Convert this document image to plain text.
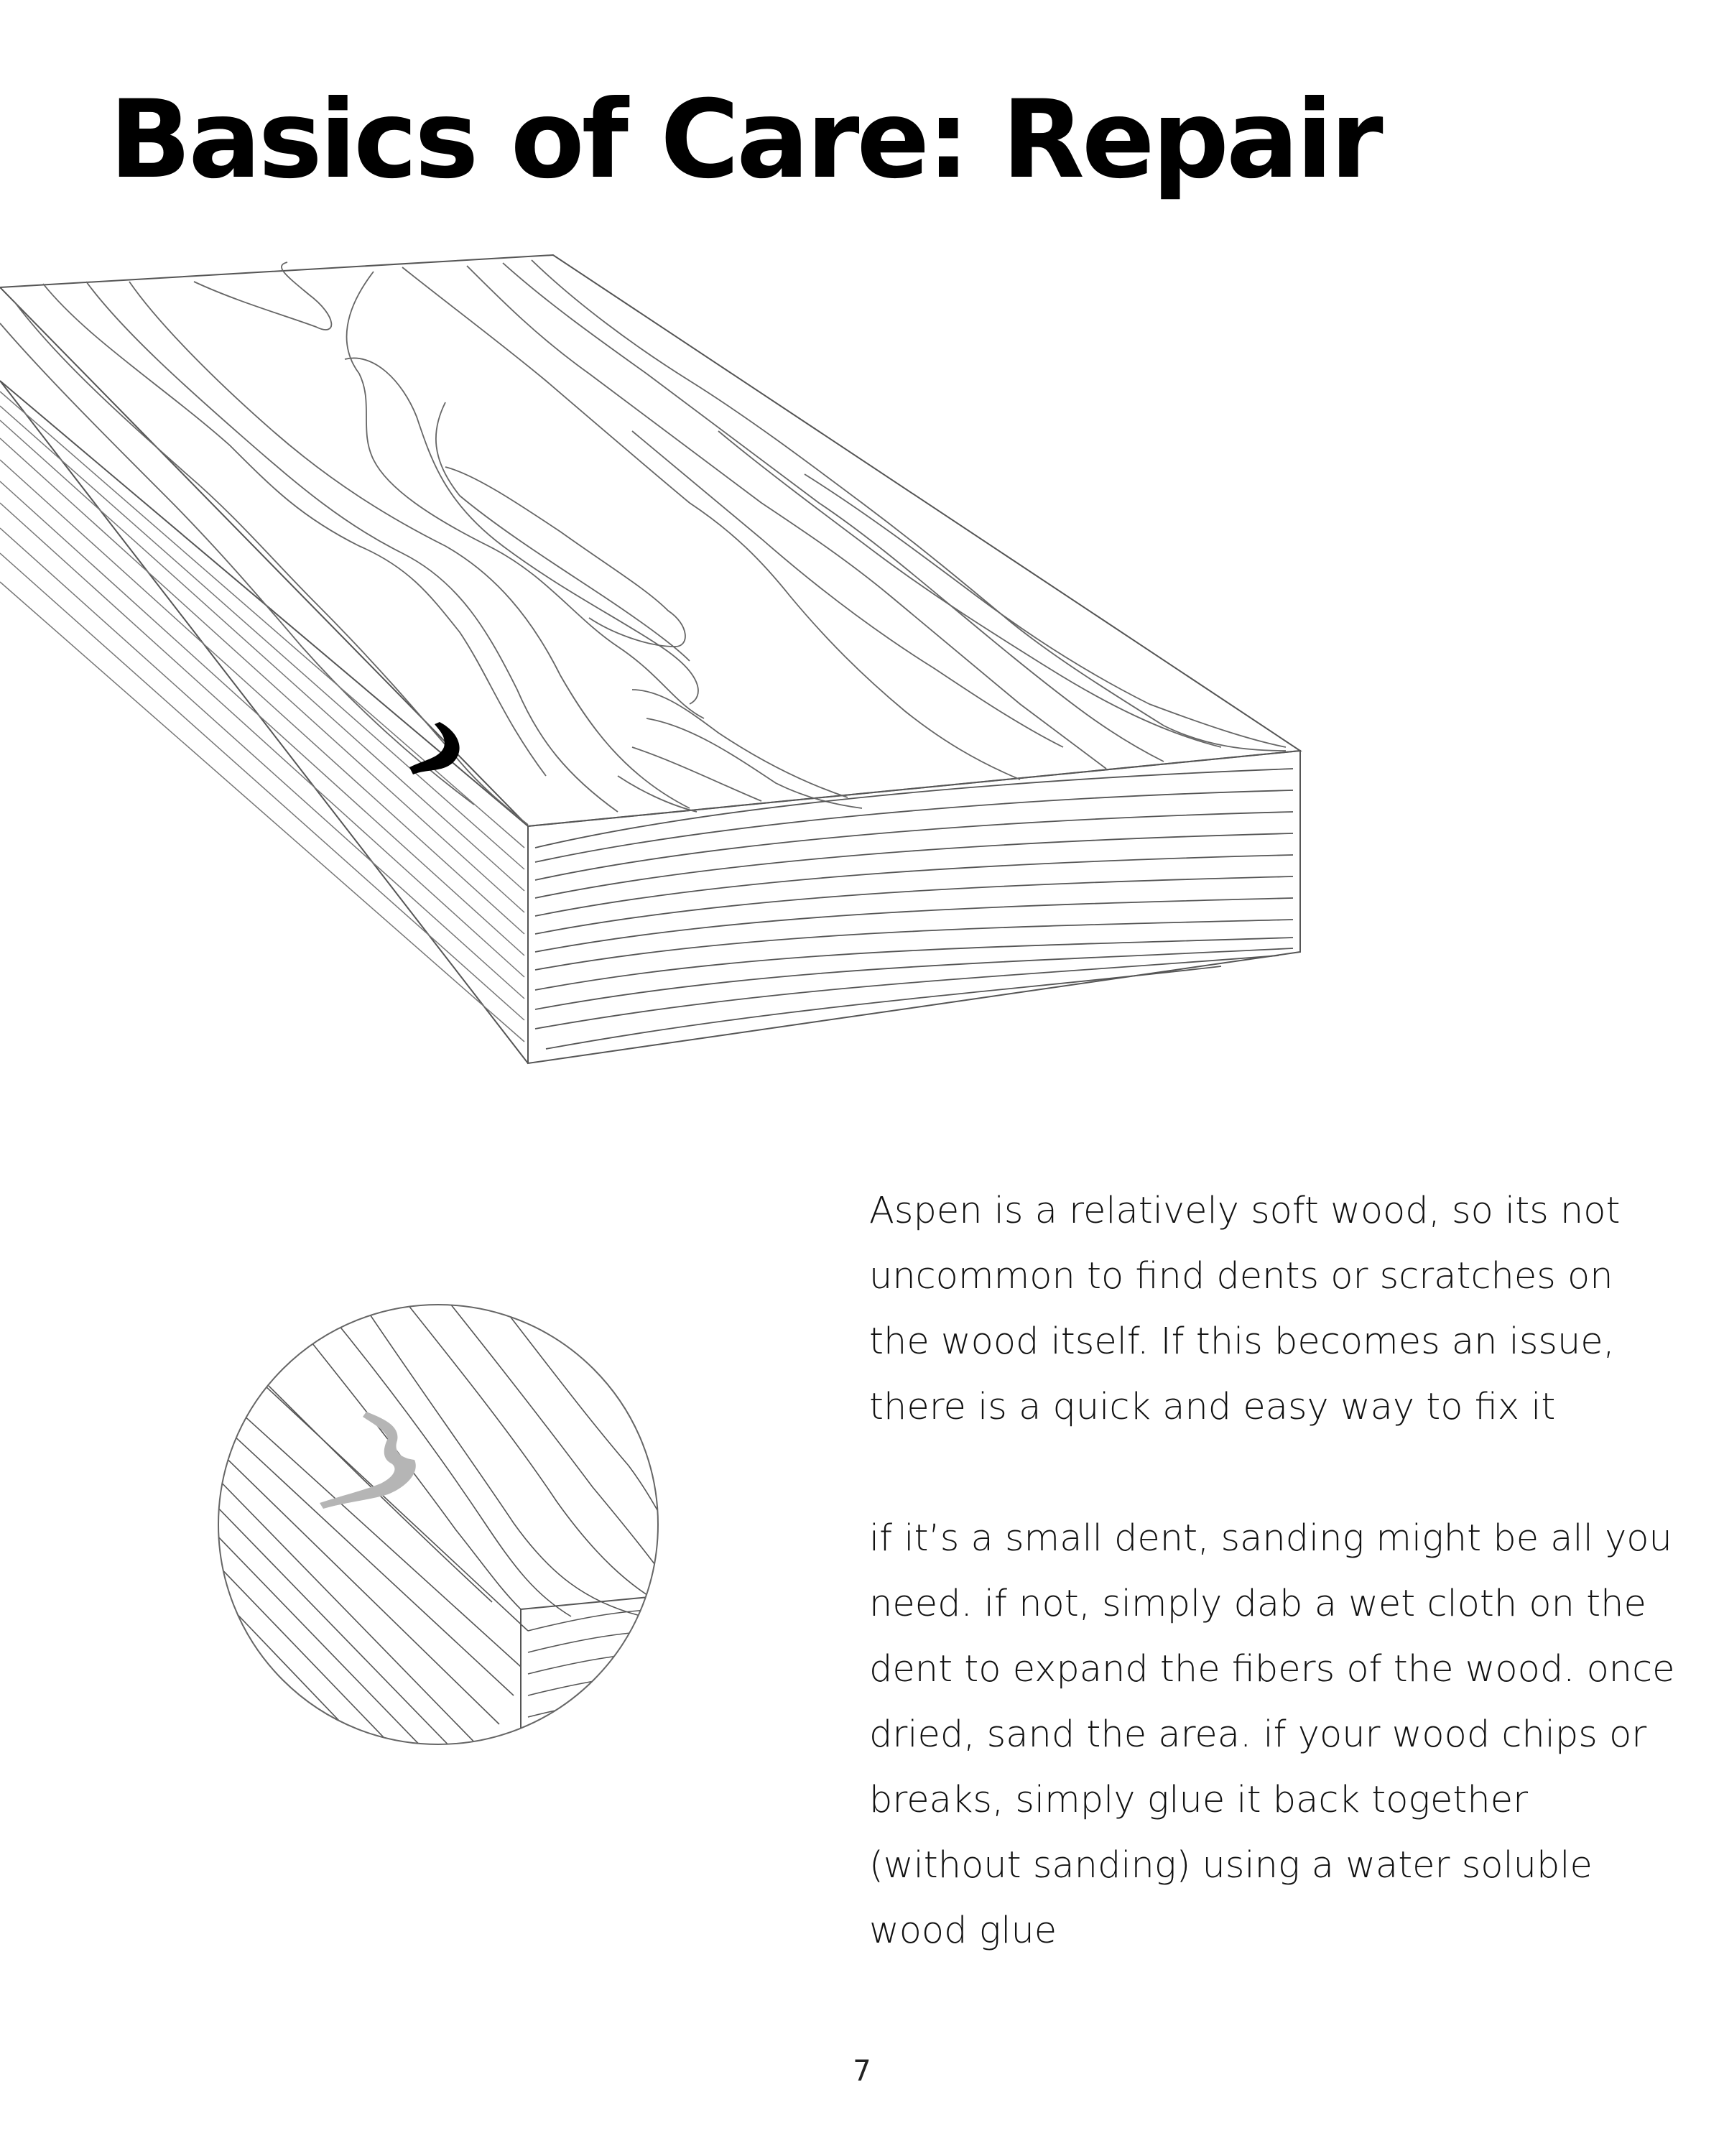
Basics of Care: Repair

Aspen is a relatively soft wood, so its not uncommon to find dents or scratches on the wood itself. If this becomes an issue, there is a quick and easy way to fix it

if it’s a small dent, sanding might be all you need. if not, simply dab a wet cloth on the dent to expand the fibers of the wood. once dried, sand the area. if your wood chips or breaks, simply glue it back together (without sanding) using a water soluble wood glue

7
